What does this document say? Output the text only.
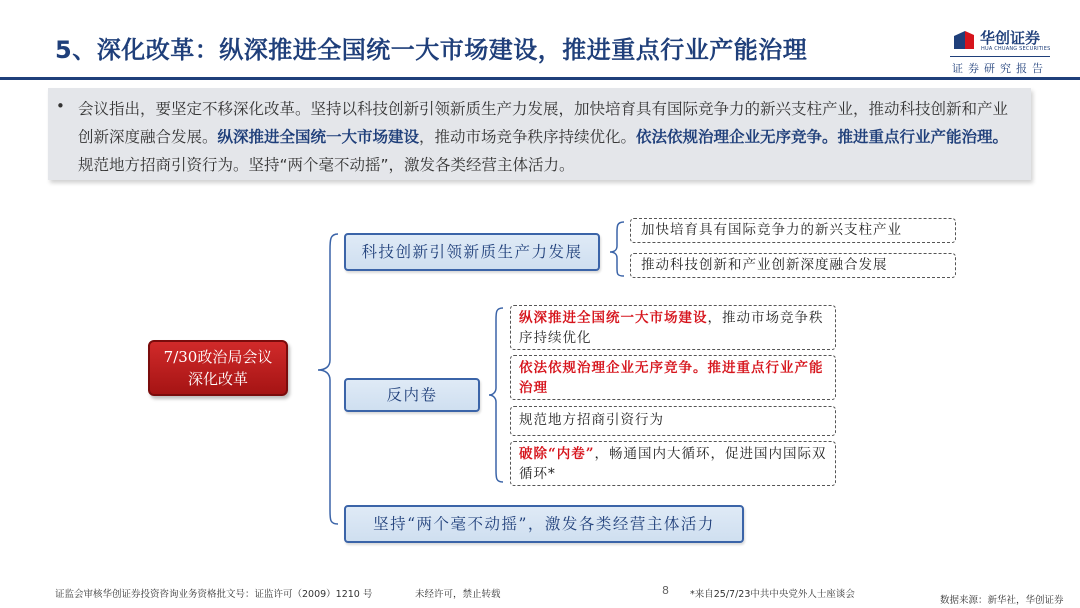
5、深化改革：纵深推进全国统一大市场建设，推进重点行业产能治理	华创证券
HUA CHUANG SECURITIES
证券研究报告
• 会议指出，要坚定不移深化改革。坚持以科技创新引领新质生产力发展，加快培育具有国际竞争力的新兴支柱产业，推动科技创新和产业创新深度融合发展。纵深推进全国统一大市场建设，推动市场竞争秩序持续优化。依法依规治理企业无序竞争。推进重点行业产能治理。规范地方招商引资行为。坚持“两个毫不动摇”，激发各类经营主体活力。
7/30政治局会议
深化改革
科技创新引领新质生产力发展
加快培育具有国际竞争力的新兴支柱产业
推动科技创新和产业创新深度融合发展
反内卷
纵深推进全国统一大市场建设，推动市场竞争秩序持续优化
依法依规治理企业无序竞争。推进重点行业产能治理
规范地方招商引资行为
破除“内卷”，畅通国内大循环，促进国内国际双循环*
坚持“两个毫不动摇”，激发各类经营主体活力
证监会审核华创证券投资咨询业务资格批文号：证监许可（2009）1210 号	未经许可，禁止转载	8 *来自25/7/23中共中央党外人士座谈会
数据来源：新华社，华创证券
